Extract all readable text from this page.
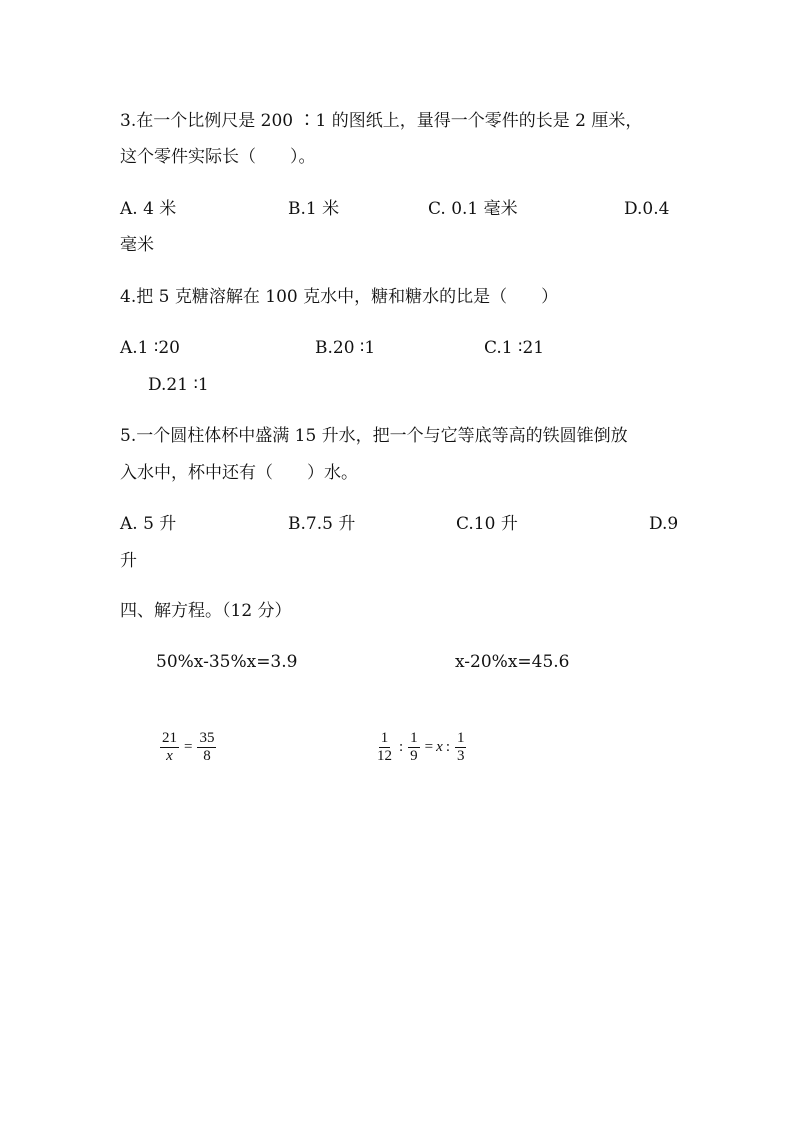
3.在一个比例尺是 200 ∶1 的图纸上，量得一个零件的长是 2 厘米，
这个零件实际长（　　）。
A. 4 米	B.1 米	C. 0.1 毫米	D.0.4
毫米
4.把 5 克糖溶解在 100 克水中，糖和糖水的比是（　　）
A.1 ∶20	B.20 ∶1	C.1 ∶21
D.21 ∶1
5.一个圆柱体杯中盛满 15 升水，把一个与它等底等高的铁圆锥倒放
入水中，杯中还有（　　）水。
A. 5 升	B.7.5 升	C.10 升	D.9
升
四、解方程。（12 分）
50%x-35%x=3.9	x-20%x=45.6
$\frac{21}{x} = \frac{35}{8}$	$\frac{1}{12}$ : $\frac{1}{9} = x$ : $\frac{1}{3}$
